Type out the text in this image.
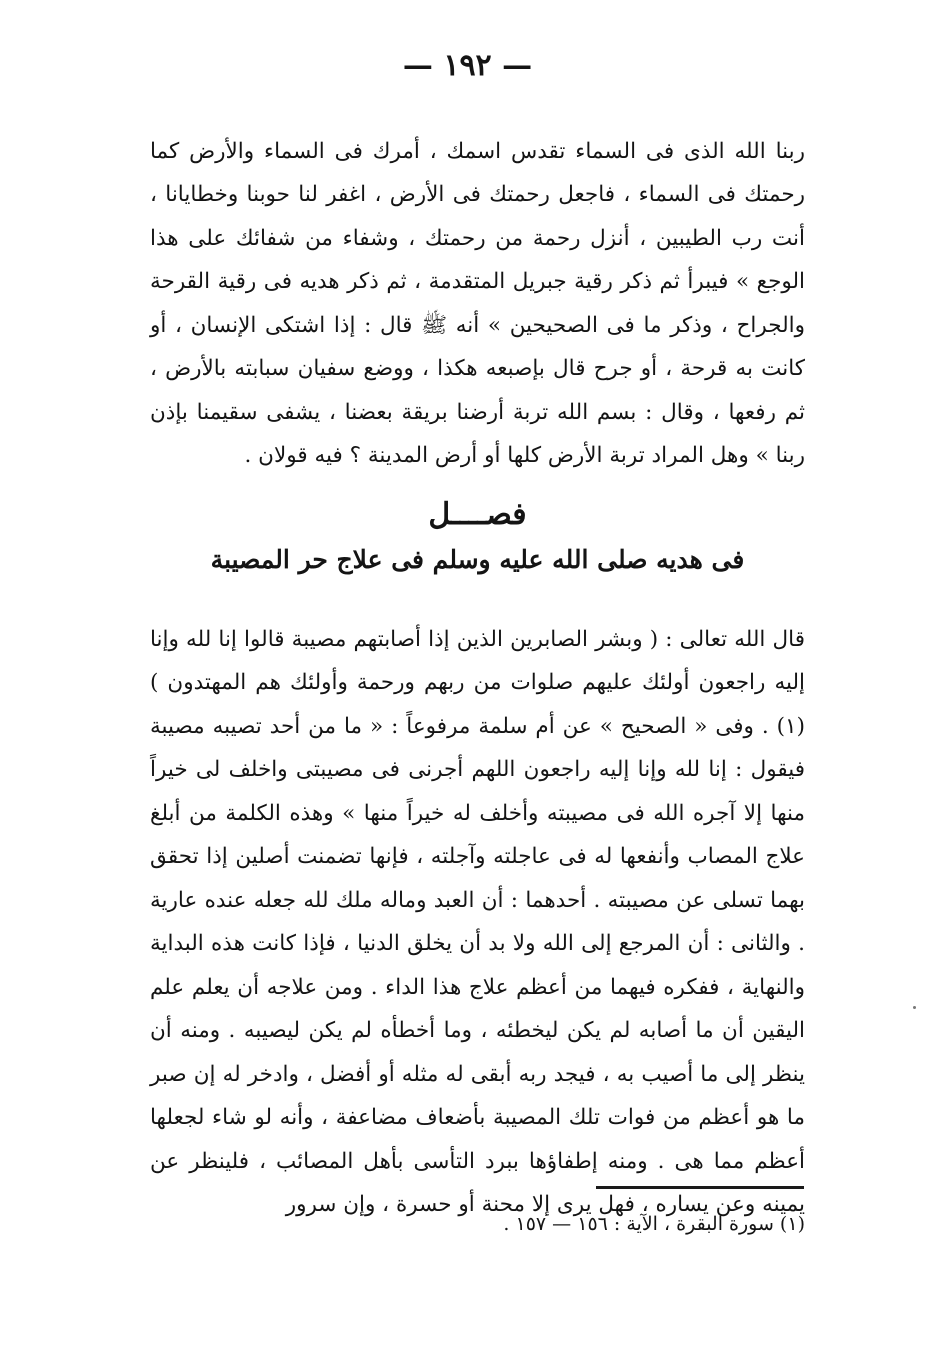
— ١٩٢ —

ربنا الله الذى فى السماء تقدس اسمك ، أمرك فى السماء والأرض كما رحمتك فى السماء ، فاجعل رحمتك فى الأرض ، اغفر لنا حوبنا وخطايانا ، أنت رب الطيبين ، أنزل رحمة من رحمتك ، وشفاء من شفائك على هذا الوجع » فيبرأ ثم ذكر رقية جبريل المتقدمة ، ثم ذكر هديه فى رقية القرحة والجراح ، وذكر ما فى الصحيحين » أنه ﷺ قال : إذا اشتكى الإنسان ، أو كانت به قرحة ، أو جرح قال بإصبعه هكذا ، ووضع سفيان سبابته بالأرض ، ثم رفعها ، وقال : بسم الله تربة أرضنا بريقة بعضنا ، يشفى سقيمنا بإذن ربنا » وهل المراد تربة الأرض كلها أو أرض المدينة ؟ فيه قولان .

فصــــل
فى هديه صلى الله عليه وسلم فى علاج حر المصيبة

قال الله تعالى : ( وبشر الصابرين الذين إذا أصابتهم مصيبة قالوا إنا لله وإنا إليه راجعون أولئك عليهم صلوات من ربهم ورحمة وأولئك هم المهتدون ) (١) . وفى « الصحيح » عن أم سلمة مرفوعاً : « ما من أحد تصيبه مصيبة فيقول : إنا لله وإنا إليه راجعون اللهم أجرنى فى مصيبتى واخلف لى خيراً منها إلا آجره الله فى مصيبته وأخلف له خيراً منها » وهذه الكلمة من أبلغ علاج المصاب وأنفعها له فى عاجلته وآجلته ، فإنها تضمنت أصلين إذا تحقق بهما تسلى عن مصيبته . أحدهما : أن العبد وماله ملك لله جعله عنده عارية . والثانى : أن المرجع إلى الله ولا بد أن يخلق الدنيا ، فإذا كانت هذه البداية والنهاية ، ففكره فيهما من أعظم علاج هذا الداء . ومن علاجه أن يعلم علم اليقين أن ما أصابه لم يكن ليخطئه ، وما أخطأه لم يكن ليصيبه . ومنه أن ينظر إلى ما أصيب به ، فيجد ربه أبقى له مثله أو أفضل ، وادخر له إن صبر ما هو أعظم من فوات تلك المصيبة بأضعاف مضاعفة ، وأنه لو شاء لجعلها أعظم مما هى . ومنه إطفاؤها ببرد التأسى بأهل المصائب ، فلينظر عن يمينه وعن يساره ، فهل يرى إلا محنة أو حسرة ، وإن سرور

(١) سورة البقرة ، الآية : ١٥٦ — ١٥٧ .
